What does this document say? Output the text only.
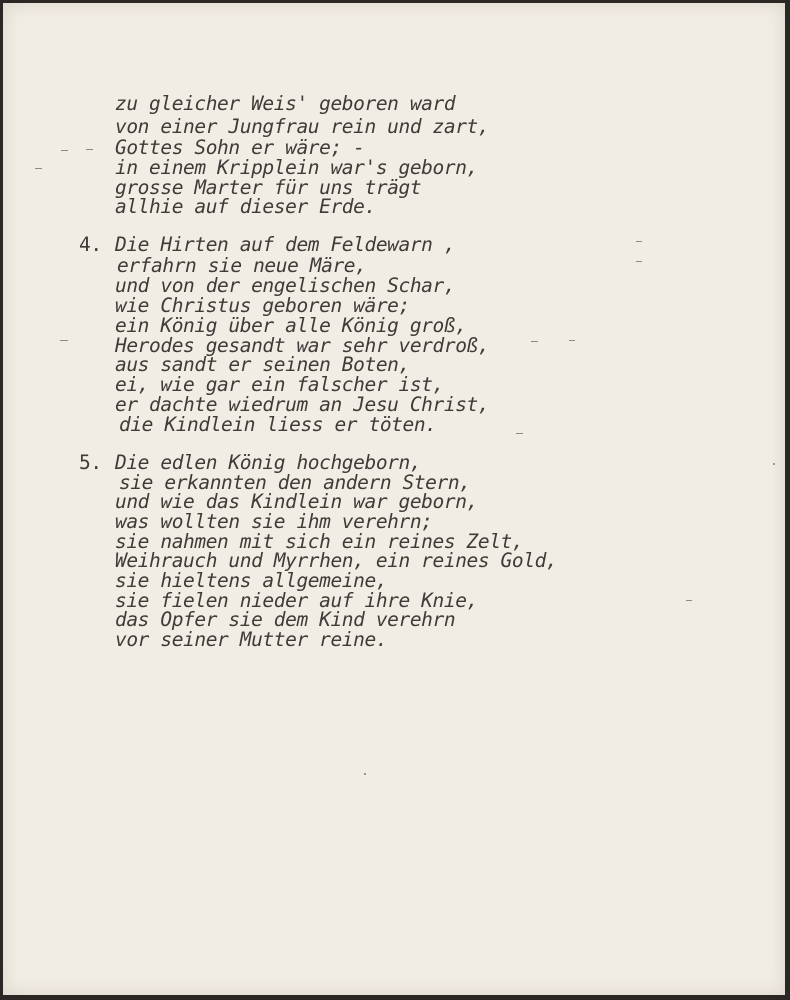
zu gleicher Weis' geboren ward

von einer Jungfrau rein und zart,

Gottes Sohn er wäre; -

in einem Kripplein war's geborn,

grosse Marter für uns trägt

allhie auf dieser Erde.

4.

Die Hirten auf dem Feldewarn ,

erfahrn sie neue Märe,

und von der engelischen Schar,

wie Christus geboren wäre;

ein König über alle König groß,

Herodes gesandt war sehr verdroß,

aus sandt er seinen Boten,

ei, wie gar ein falscher ist,

er dachte wiedrum an Jesu Christ,

die Kindlein liess er töten.

5.

Die edlen König hochgeborn,

sie erkannten den andern Stern,

und wie das Kindlein war geborn,

was wollten sie ihm verehrn;

sie nahmen mit sich ein reines Zelt,

Weihrauch und Myrrhen, ein reines Gold,

sie hieltens allgemeine,

sie fielen nieder auf ihre Knie,

das Opfer sie dem Kind verehrn

vor seiner Mutter reine.
